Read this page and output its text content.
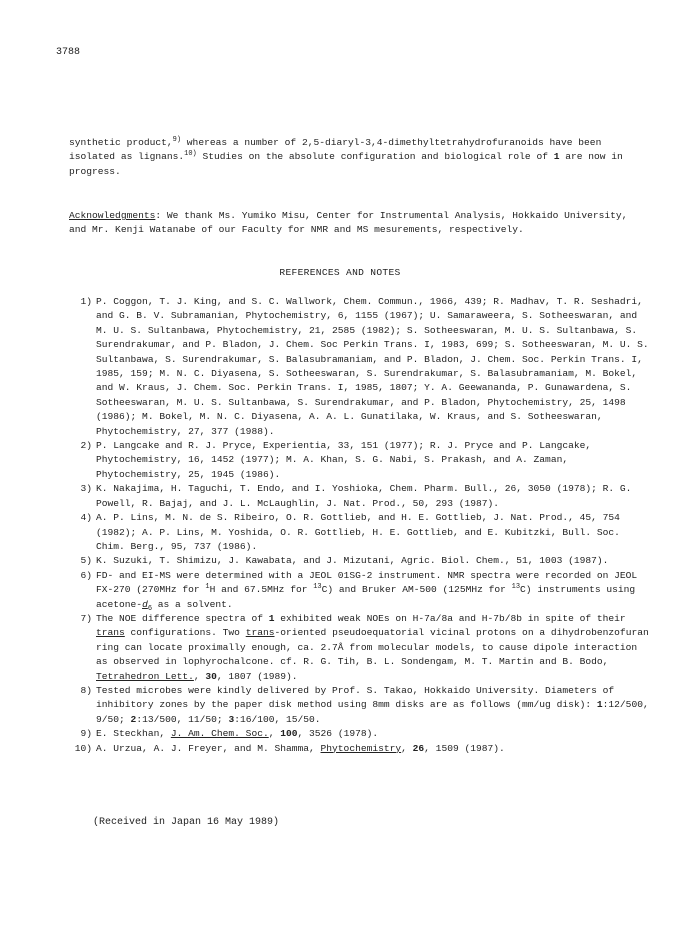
3788

synthetic product,$^{9)}$ whereas a number of 2,5-diaryl-3,4-dimethyltetrahydrofuranoids have been isolated as lignans.$^{10)}$ Studies on the absolute configuration and biological role of 1 are now in progress.

Acknowledgments: We thank Ms. Yumiko Misu, Center for Instrumental Analysis, Hokkaido University, and Mr. Kenji Watanabe of our Faculty for NMR and MS mesurements, respectively.

REFERENCES AND NOTES
1) P. Coggon, T. J. King, and S. C. Wallwork, Chem. Commun., 1966, 439; R. Madhav, T. R. Seshadri, and G. B. V. Subramanian, Phytochemistry, 6, 1155 (1967); U. Samaraweera, S. Sotheeswaran, and M. U. S. Sultanbawa, Phytochemistry, 21, 2585 (1982); S. Sotheeswaran, M. U. S. Sultanbawa, S. Surendrakumar, and P. Bladon, J. Chem. Soc Perkin Trans. I, 1983, 699; S. Sotheeswaran, M. U. S. Sultanbawa, S. Surendrakumar, S. Balasubramaniam, and P. Bladon, J. Chem. Soc. Perkin Trans. I, 1985, 159; M. N. C. Diyasena, S. Sotheeswaran, S. Surendrakumar, S. Balasubramaniam, M. Bokel, and W. Kraus, J. Chem. Soc. Perkin Trans. I, 1985, 1807; Y. A. Geewananda, P. Gunawardena, S. Sotheeswaran, M. U. S. Sultanbawa, S. Surendrakumar, and P. Bladon, Phytochemistry, 25, 1498 (1986); M. Bokel, M. N. C. Diyasena, A. A. L. Gunatilaka, W. Kraus, and S. Sotheeswaran, Phytochemistry, 27, 377 (1988).
2) P. Langcake and R. J. Pryce, Experientia, 33, 151 (1977); R. J. Pryce and P. Langcake, Phytochemistry, 16, 1452 (1977); M. A. Khan, S. G. Nabi, S. Prakash, and A. Zaman, Phytochemistry, 25, 1945 (1986).
3) K. Nakajima, H. Taguchi, T. Endo, and I. Yoshioka, Chem. Pharm. Bull., 26, 3050 (1978); R. G. Powell, R. Bajaj, and J. L. McLaughlin, J. Nat. Prod., 50, 293 (1987).
4) A. P. Lins, M. N. de S. Ribeiro, O. R. Gottlieb, and H. E. Gottlieb, J. Nat. Prod., 45, 754 (1982); A. P. Lins, M. Yoshida, O. R. Gottlieb, H. E. Gottlieb, and E. Kubitzki, Bull. Soc. Chim. Berg., 95, 737 (1986).
5) K. Suzuki, T. Shimizu, J. Kawabata, and J. Mizutani, Agric. Biol. Chem., 51, 1003 (1987).
6) FD- and EI-MS were determined with a JEOL 01SG-2 instrument. NMR spectra were recorded on JEOL FX-270 (270MHz for $^1$H and 67.5MHz for $^{13}$C) and Bruker AM-500 (125MHz for $^{13}$C) instruments using acetone-$d_6$ as a solvent.
7) The NOE difference spectra of 1 exhibited weak NOEs on H-7a/8a and H-7b/8b in spite of their trans configurations. Two trans-oriented pseudoequatorial vicinal protons on a dihydrobenzofuran ring can locate proximally enough, ca. 2.7Å from molecular models, to cause dipole interaction as observed in lophyrochalcone. cf. R. G. Tih, B. L. Sondengam, M. T. Martin and B. Bodo, Tetrahedron Lett., 30, 1807 (1989).
8) Tested microbes were kindly delivered by Prof. S. Takao, Hokkaido University. Diameters of inhibitory zones by the paper disk method using 8mm disks are as follows (mm/ug disk): 1:12/500, 9/50; 2:13/500, 11/50; 3:16/100, 15/50.
9) E. Steckhan, J. Am. Chem. Soc., 100, 3526 (1978).
10) A. Urzua, A. J. Freyer, and M. Shamma, Phytochemistry, 26, 1509 (1987).
(Received in Japan 16 May 1989)
